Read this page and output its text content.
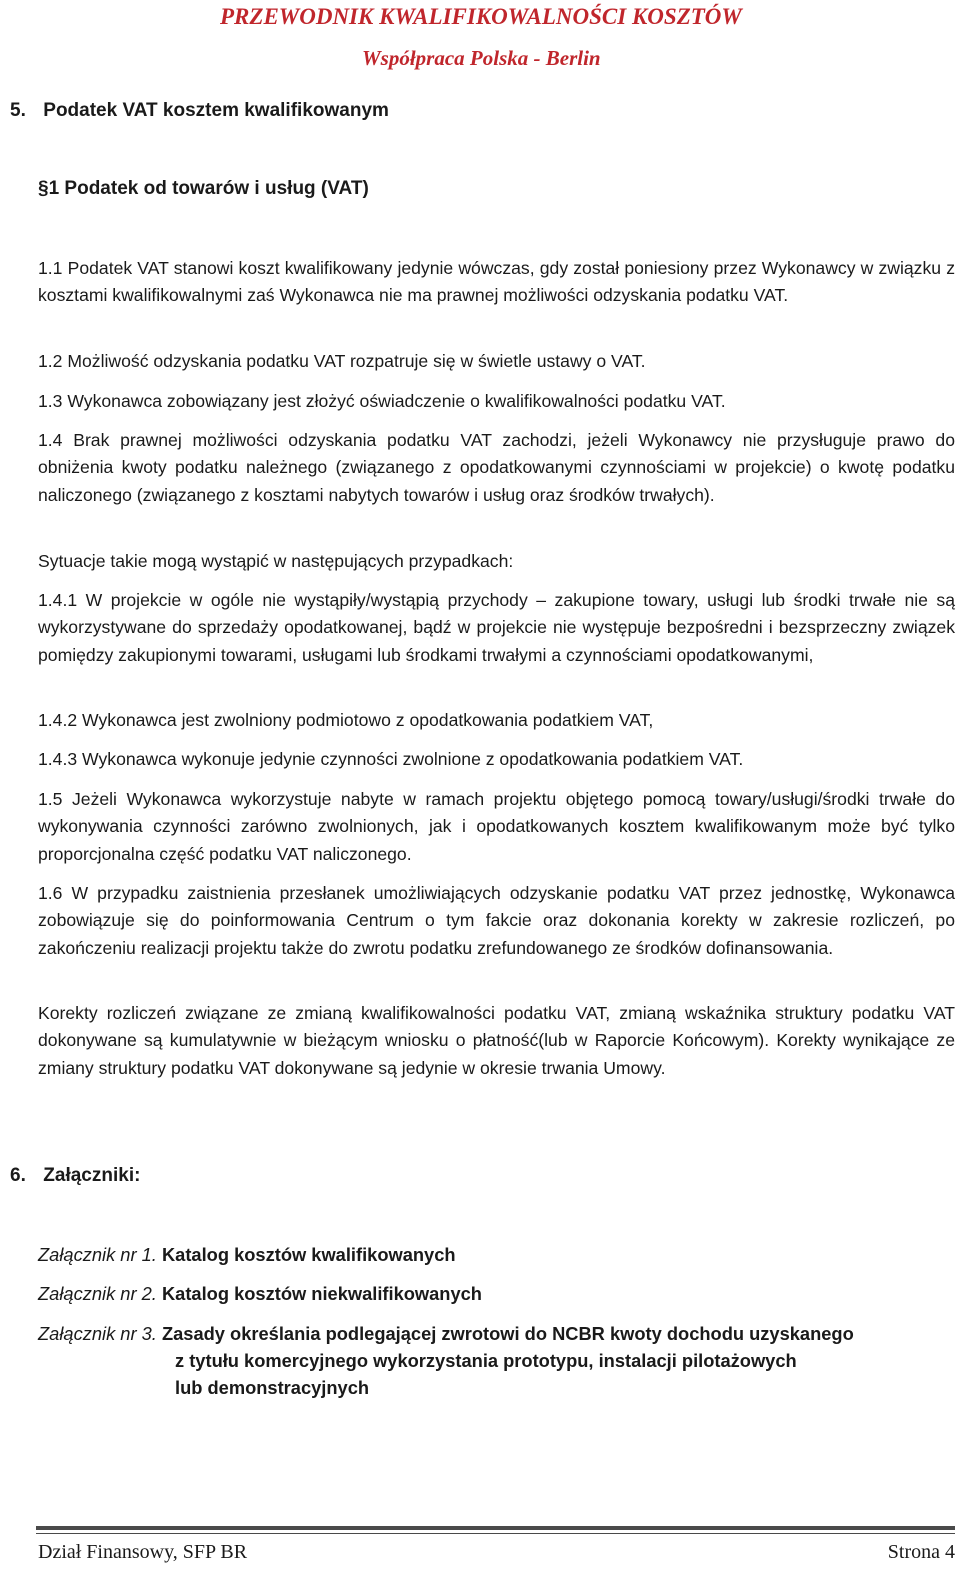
PRZEWODNIK KWALIFIKOWALNOŚCI KOSZTÓW
Współpraca Polska - Berlin
5. Podatek VAT kosztem kwalifikowanym
§1 Podatek od towarów i usług (VAT)
1.1 Podatek VAT stanowi koszt kwalifikowany jedynie wówczas, gdy został poniesiony przez Wykonawcy w związku z kosztami kwalifikowalnymi zaś Wykonawca nie ma prawnej możliwości odzyskania podatku VAT.
1.2 Możliwość odzyskania podatku VAT rozpatruje się w świetle ustawy o VAT.
1.3 Wykonawca zobowiązany jest złożyć oświadczenie o kwalifikowalności podatku VAT.
1.4 Brak prawnej możliwości odzyskania podatku VAT zachodzi, jeżeli Wykonawcy nie przysługuje prawo do obniżenia kwoty podatku należnego (związanego z opodatkowanymi czynnościami w projekcie) o kwotę podatku naliczonego (związanego z kosztami nabytych towarów i usług oraz środków trwałych).
Sytuacje takie mogą wystąpić w następujących przypadkach:
1.4.1 W projekcie w ogóle nie wystąpiły/wystąpią przychody – zakupione towary, usługi lub środki trwałe nie są wykorzystywane do sprzedaży opodatkowanej, bądź w projekcie nie występuje bezpośredni i bezsprzeczny związek pomiędzy zakupionymi towarami, usługami lub środkami trwałymi a czynnościami opodatkowanymi,
1.4.2 Wykonawca jest zwolniony podmiotowo z opodatkowania podatkiem VAT,
1.4.3 Wykonawca wykonuje jedynie czynności zwolnione z opodatkowania podatkiem VAT.
1.5 Jeżeli Wykonawca wykorzystuje nabyte w ramach projektu objętego pomocą towary/usługi/środki trwałe do wykonywania czynności zarówno zwolnionych, jak i opodatkowanych kosztem kwalifikowanym może być tylko proporcjonalna część podatku VAT naliczonego.
1.6 W przypadku zaistnienia przesłanek umożliwiających odzyskanie podatku VAT przez jednostkę, Wykonawca zobowiązuje się do poinformowania Centrum o tym fakcie oraz dokonania korekty w zakresie rozliczeń, po zakończeniu realizacji projektu także do zwrotu podatku zrefundowanego ze środków dofinansowania.
Korekty rozliczeń związane ze zmianą kwalifikowalności podatku VAT, zmianą wskaźnika struktury podatku VAT dokonywane są kumulatywnie w bieżącym wniosku o płatność(lub w Raporcie Końcowym). Korekty wynikające ze zmiany struktury podatku VAT dokonywane są jedynie w okresie trwania Umowy.
6. Załączniki:
Załącznik nr 1. Katalog kosztów kwalifikowanych
Załącznik nr 2. Katalog kosztów niekwalifikowanych
Załącznik nr 3. Zasady określania podlegającej zwrotowi do NCBR kwoty dochodu uzyskanego
z tytułu komercyjnego wykorzystania prototypu, instalacji pilotażowych
lub demonstracyjnych
Dział Finansowy, SFP BR	Strona 4
